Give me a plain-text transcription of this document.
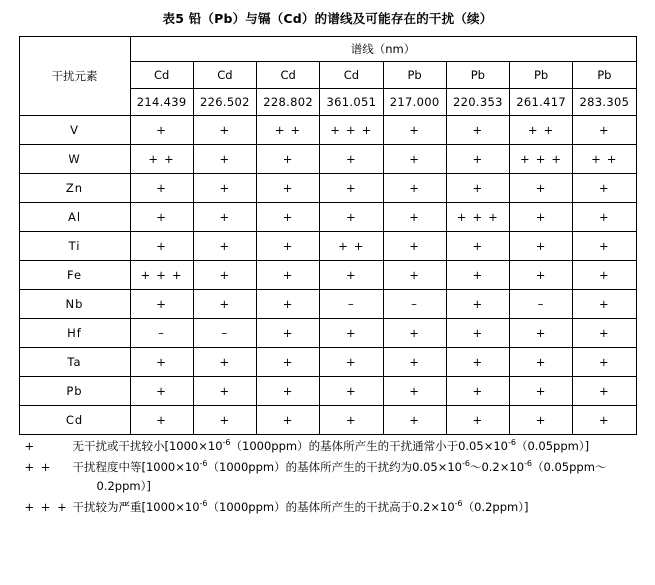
表5 铅（Pb）与镉（Cd）的谱线及可能存在的干扰（续）
干扰元素	谱线（nm）							
	Cd	Cd	Cd	Cd	Pb	Pb	Pb	Pb
	214.439	226.502	228.802	361.051	217.000	220.353	261.417	283.305
V	+	+	+ +	+ + +	+	+	+ +	+
W	+ +	+	+	+	+	+	+ + +	+ +
Zn	+	+	+	+	+	+	+	+
Al	+	+	+	+	+	+ + +	+	+
Ti	+	+	+	+ +	+	+	+	+
Fe	+ + +	+	+	+	+	+	+	+
Nb	+	+	+	–	–	+	–	+
Hf	–	–	+	+	+	+	+	+
Ta	+	+	+	+	+	+	+	+
Pb	+	+	+	+	+	+	+	+
Cd	+	+	+	+	+	+	+	+
+	无干扰或干扰较小[$1000\times 10^{-6}(1000ppm)$的基体所产生的干扰通常小于$0.05\times 10^{-6}(0.05ppm)$]
+ +	干扰程度中等[$1000\times 10^{-6}(1000ppm)$的基体所产生的干扰约为$0.05\times 10^{-6}\sim 0.2\times 10^{-6}(0.05ppm\sim$
0.2ppm）]

+ + +	干扰较为严重[$1000\times 10^{-6}(1000ppm)$的基体所产生的干扰高于$0.2\times 10^{-6}(0.2ppm)$]
